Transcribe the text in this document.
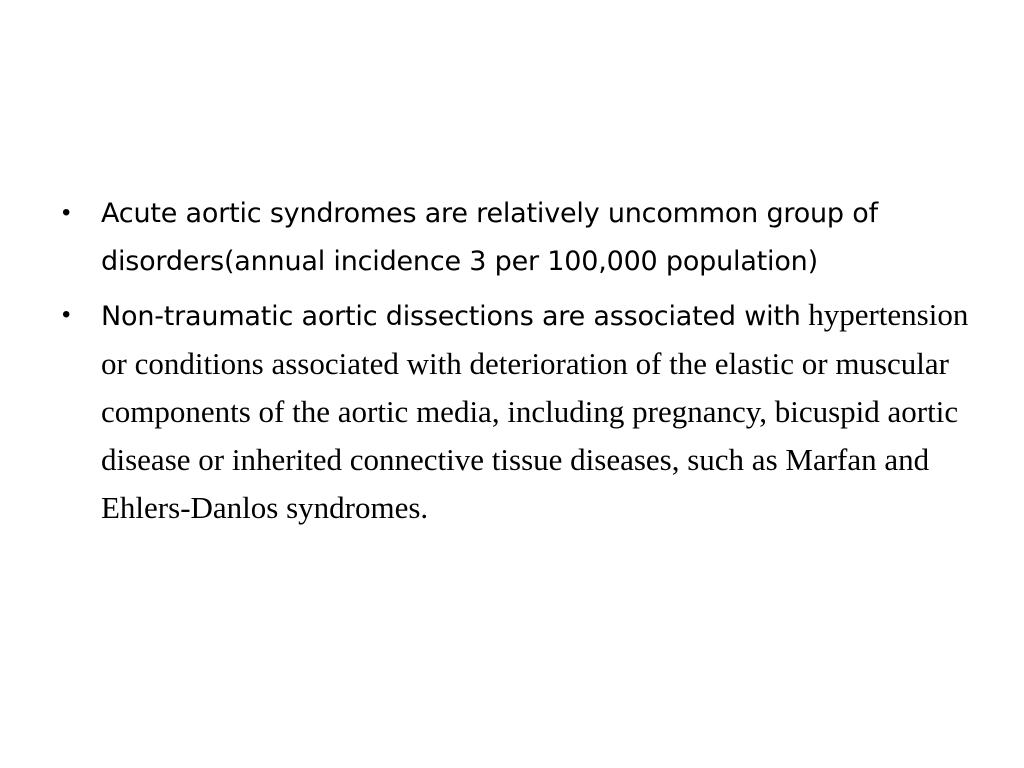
• Acute aortic syndromes are relatively uncommon group of disorders(annual incidence 3 per 100,000 population)
• Non-traumatic aortic dissections are associated with hypertension or conditions associated with deterioration of the elastic or muscular components of the aortic media, including pregnancy, bicuspid aortic disease or inherited connective tissue diseases, such as Marfan and Ehlers-Danlos syndromes.
